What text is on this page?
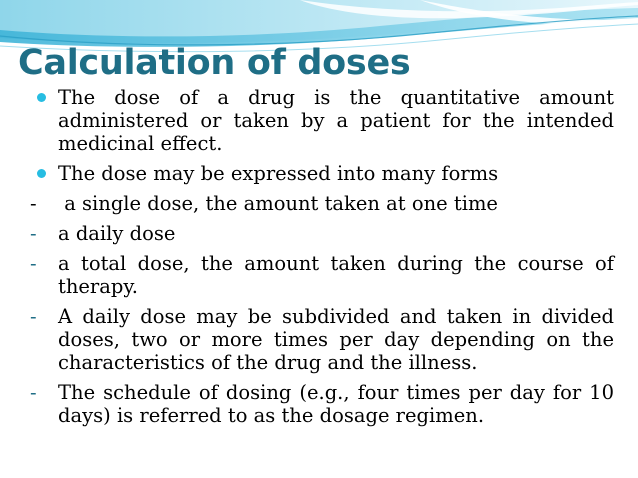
Calculation of doses
The dose of a drug is the quantitative amount administered or taken by a patient for the intended medicinal effect.
The dose may be expressed into many forms
- a single dose, the amount taken at one time
- a daily dose
- a total dose, the amount taken during the course of therapy.
- A daily dose may be subdivided and taken in divided doses, two or more times per day depending on the characteristics of the drug and the illness.
- The schedule of dosing (e.g., four times per day for 10 days) is referred to as the dosage regimen.
